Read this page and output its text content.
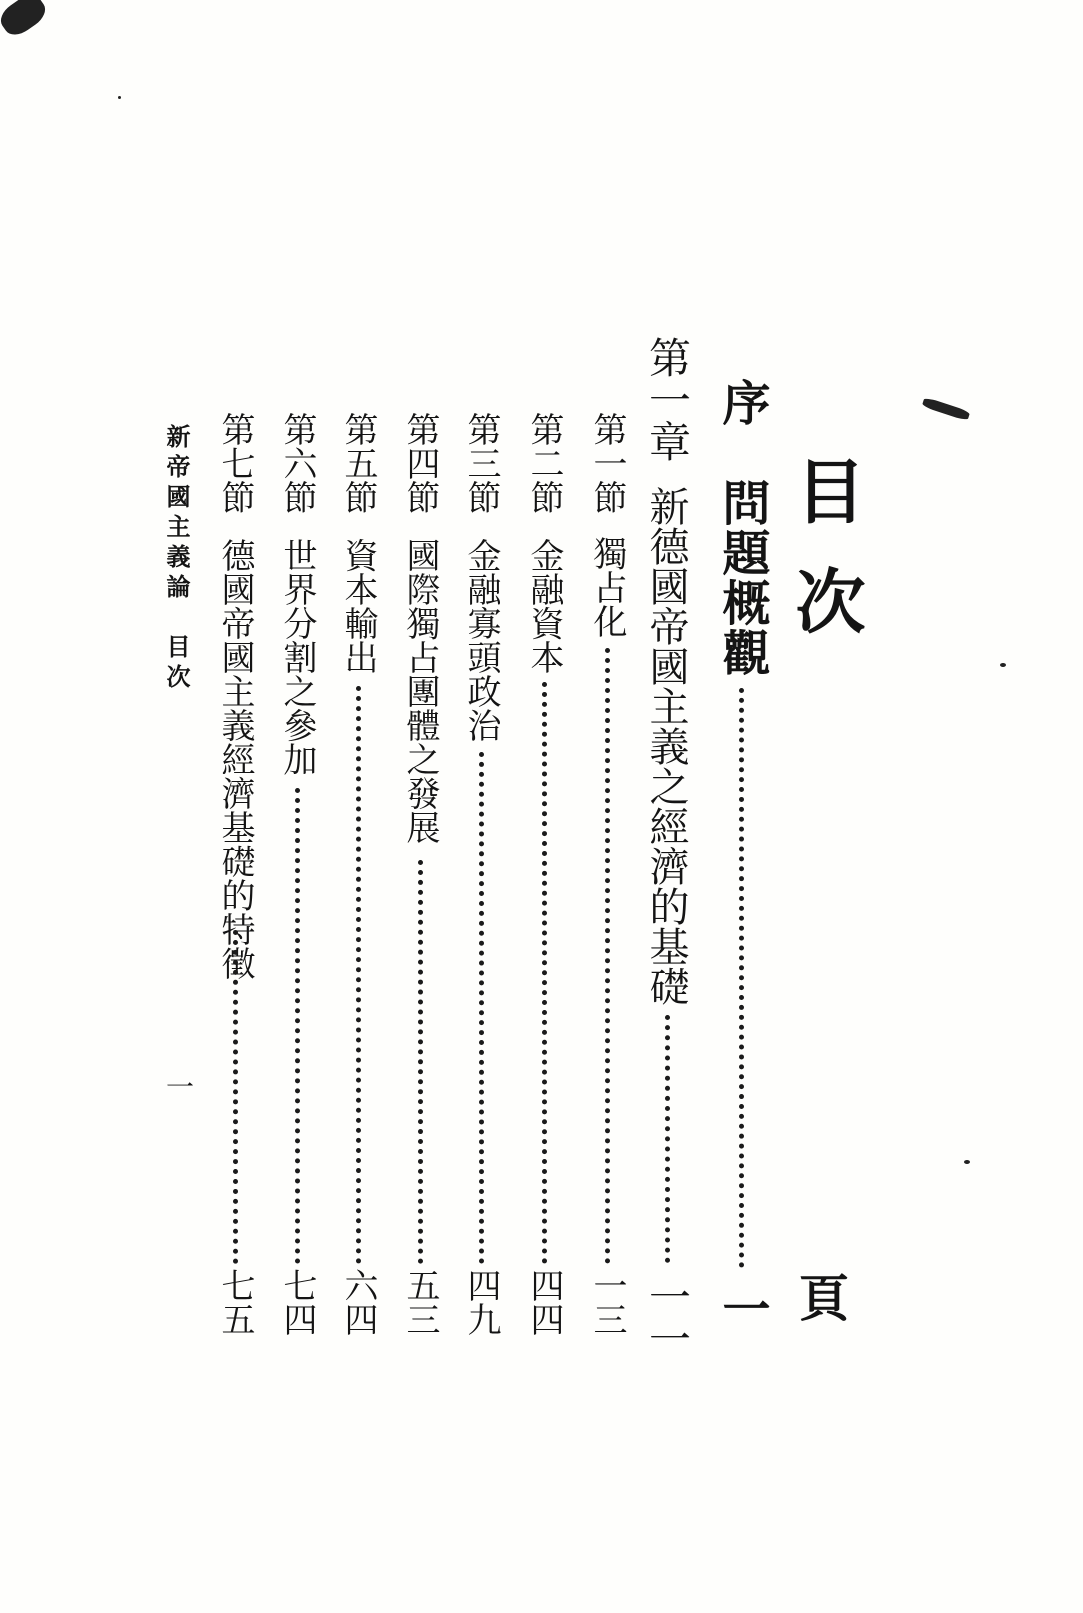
目次
頁
序
問題概觀
一
第一章
新德國帝國主義之經濟的基礎
一一
第一節
獨占化
一三
第二節
金融資本
四四
第三節
金融寡頭政治
四九
第四節
國際獨占團體之發展
五三
第五節
資本輸出
六四
第六節
世界分割之參加
七四
第七節
德國帝國主義經濟基礎的特徵
七五
新帝國主義論　目次
一
